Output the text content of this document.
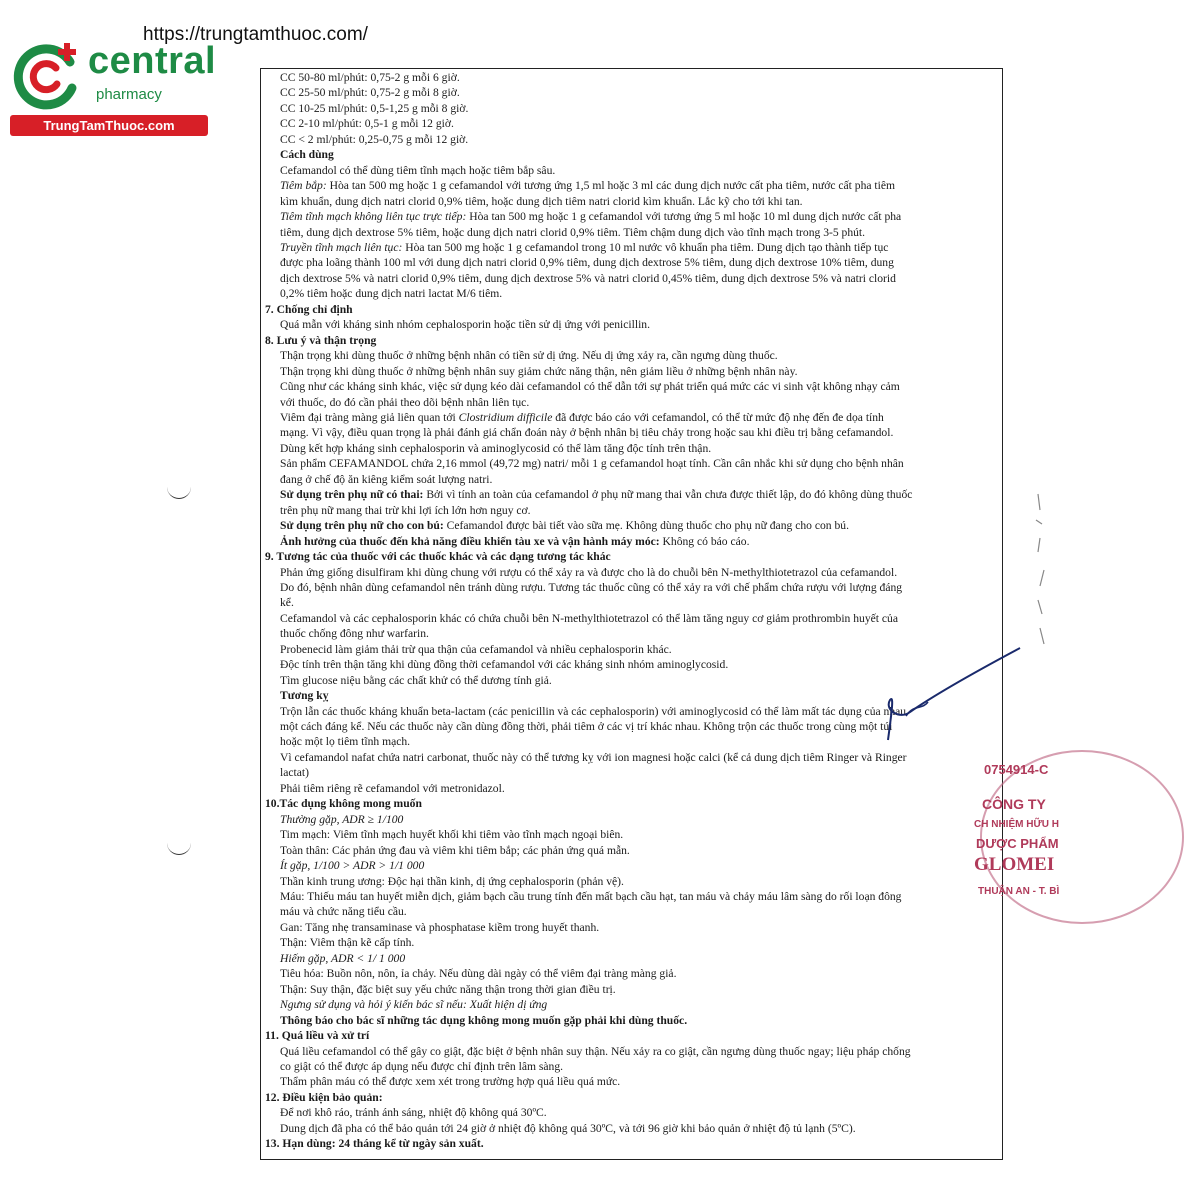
https://trungtamthuoc.com/
central
pharmacy
TrungTamThuoc.com

CC 50-80 ml/phút: 0,75-2 g mỗi 6 giờ.

CC 25-50 ml/phút: 0,75-2 g mỗi 8 giờ.

CC 10-25 ml/phút: 0,5-1,25 g mỗi 8 giờ.

CC 2-10 ml/phút: 0,5-1 g mỗi 12 giờ.

CC < 2 ml/phút: 0,25-0,75 g mỗi 12 giờ.

Cách dùng

Cefamandol có thể dùng tiêm tĩnh mạch hoặc tiêm bắp sâu.

Tiêm bắp: Hòa tan 500 mg hoặc 1 g cefamandol với tương ứng 1,5 ml hoặc 3 ml các dung dịch nước cất pha tiêm, nước cất pha tiêm

kìm khuẩn, dung dịch natri clorid 0,9% tiêm, hoặc dung dịch tiêm natri clorid kìm khuẩn. Lắc kỹ cho tới khi tan.

Tiêm tĩnh mạch không liên tục trực tiếp: Hòa tan 500 mg hoặc 1 g cefamandol với tương ứng 5 ml hoặc 10 ml dung dịch nước cất pha

tiêm, dung dịch dextrose 5% tiêm, hoặc dung dịch natri clorid 0,9% tiêm. Tiêm chậm dung dịch vào tĩnh mạch trong 3-5 phút.

Truyền tĩnh mạch liên tục: Hòa tan 500 mg hoặc 1 g cefamandol trong 10 ml nước vô khuẩn pha tiêm. Dung dịch tạo thành tiếp tục

được pha loãng thành 100 ml với dung dịch natri clorid 0,9% tiêm, dung dịch dextrose 5% tiêm, dung dịch dextrose 10% tiêm, dung

dịch dextrose 5% và natri clorid 0,9% tiêm, dung dịch dextrose 5% và natri clorid 0,45% tiêm, dung dịch dextrose 5% và natri clorid

0,2% tiêm hoặc dung dịch natri lactat M/6 tiêm.

7. Chống chỉ định

Quá mẫn với kháng sinh nhóm cephalosporin hoặc tiền sử dị ứng với penicillin.

8. Lưu ý và thận trọng

Thận trọng khi dùng thuốc ở những bệnh nhân có tiền sử dị ứng. Nếu dị ứng xảy ra, cần ngưng dùng thuốc.

Thận trọng khi dùng thuốc ở những bệnh nhân suy giảm chức năng thận, nên giảm liều ở những bệnh nhân này.

Cũng như các kháng sinh khác, việc sử dụng kéo dài cefamandol có thể dẫn tới sự phát triển quá mức các vi sinh vật không nhạy cảm

với thuốc, do đó cần phải theo dõi bệnh nhân liên tục.

Viêm đại tràng màng giả liên quan tới Clostridium difficile đã được báo cáo với cefamandol, có thể từ mức độ nhẹ đến đe dọa tính

mạng. Vì vậy, điều quan trọng là phải đánh giá chẩn đoán này ở bệnh nhân bị tiêu chảy trong hoặc sau khi điều trị bằng cefamandol.

Dùng kết hợp kháng sinh cephalosporin và aminoglycosid có thể làm tăng độc tính trên thận.

Sản phẩm CEFAMANDOL chứa 2,16 mmol (49,72 mg) natri/ mỗi 1 g cefamandol hoạt tính. Cần cân nhắc khi sử dụng cho bệnh nhân

đang ở chế độ ăn kiêng kiểm soát lượng natri.

Sử dụng trên phụ nữ có thai: Bởi vì tính an toàn của cefamandol ở phụ nữ mang thai vẫn chưa được thiết lập, do đó không dùng thuốc

trên phụ nữ mang thai trừ khi lợi ích lớn hơn nguy cơ.

Sử dụng trên phụ nữ cho con bú: Cefamandol được bài tiết vào sữa mẹ. Không dùng thuốc cho phụ nữ đang cho con bú.

Ảnh hưởng của thuốc đến khả năng điều khiển tàu xe và vận hành máy móc: Không có báo cáo.

9. Tương tác của thuốc với các thuốc khác và các dạng tương tác khác

Phản ứng giống disulfiram khi dùng chung với rượu có thể xảy ra và được cho là do chuỗi bên N-methylthiotetrazol của cefamandol.

Do đó, bệnh nhân dùng cefamandol nên tránh dùng rượu. Tương tác thuốc cũng có thể xảy ra với chế phẩm chứa rượu với lượng đáng

kể.

Cefamandol và các cephalosporin khác có chứa chuỗi bên N-methylthiotetrazol có thể làm tăng nguy cơ giảm prothrombin huyết của

thuốc chống đông như warfarin.

Probenecid làm giảm thải trừ qua thận của cefamandol và nhiều cephalosporin khác.

Độc tính trên thận tăng khi dùng đồng thời cefamandol với các kháng sinh nhóm aminoglycosid.

Tìm glucose niệu bằng các chất khử có thể dương tính giả.

Tương kỵ

Trộn lẫn các thuốc kháng khuẩn beta-lactam (các penicillin và các cephalosporin) với aminoglycosid có thể làm mất tác dụng của nhau

một cách đáng kể. Nếu các thuốc này cần dùng đồng thời, phải tiêm ở các vị trí khác nhau. Không trộn các thuốc trong cùng một túi

hoặc một lọ tiêm tĩnh mạch.

Vì cefamandol nafat chứa natri carbonat, thuốc này có thể tương kỵ với ion magnesi hoặc calci (kể cả dung dịch tiêm Ringer và Ringer

lactat)

Phải tiêm riêng rẽ cefamandol với metronidazol.

10.Tác dụng không mong muốn

Thường gặp, ADR ≥ 1/100

Tim mạch: Viêm tĩnh mạch huyết khối khi tiêm vào tĩnh mạch ngoại biên.

Toàn thân: Các phản ứng đau và viêm khi tiêm bắp; các phản ứng quá mẫn.

Ít gặp, 1/100 > ADR > 1/1 000

Thần kinh trung ương: Độc hại thần kinh, dị ứng cephalosporin (phản vệ).

Máu: Thiếu máu tan huyết miễn dịch, giảm bạch cầu trung tính đến mất bạch cầu hạt, tan máu và chảy máu lâm sàng do rối loạn đông

máu và chức năng tiểu cầu.

Gan: Tăng nhẹ transaminase và phosphatase kiềm trong huyết thanh.

Thận: Viêm thận kẽ cấp tính.

Hiếm gặp, ADR < 1/ 1 000

Tiêu hóa: Buồn nôn, nôn, ỉa chảy. Nếu dùng dài ngày có thể viêm đại tràng màng giả.

Thận: Suy thận, đặc biệt suy yếu chức năng thận trong thời gian điều trị.

Ngưng sử dụng và hỏi ý kiến bác sĩ nếu: Xuất hiện dị ứng

Thông báo cho bác sĩ những tác dụng không mong muốn gặp phải khi dùng thuốc.

11. Quá liều và xử trí

Quá liều cefamandol có thể gây co giật, đặc biệt ở bệnh nhân suy thận. Nếu xảy ra co giật, cần ngưng dùng thuốc ngay; liệu pháp chống

co giật có thể được áp dụng nếu được chỉ định trên lâm sàng.

Thẩm phân máu có thể được xem xét trong trường hợp quá liều quá mức.

12. Điều kiện bảo quản:

Để nơi khô ráo, tránh ánh sáng, nhiệt độ không quá 30ºC.

Dung dịch đã pha có thể bảo quản tới 24 giờ ở nhiệt độ không quá 30ºC, và tới 96 giờ khi bảo quản ở nhiệt độ tủ lạnh (5ºC).

13. Hạn dùng: 24 tháng kể từ ngày sản xuất.

0754914-C
CÔNG TY
CH NHIỆM HỮU H
DƯỢC PHẨM
GLOMEI
THUẬN AN - T. BÌ
